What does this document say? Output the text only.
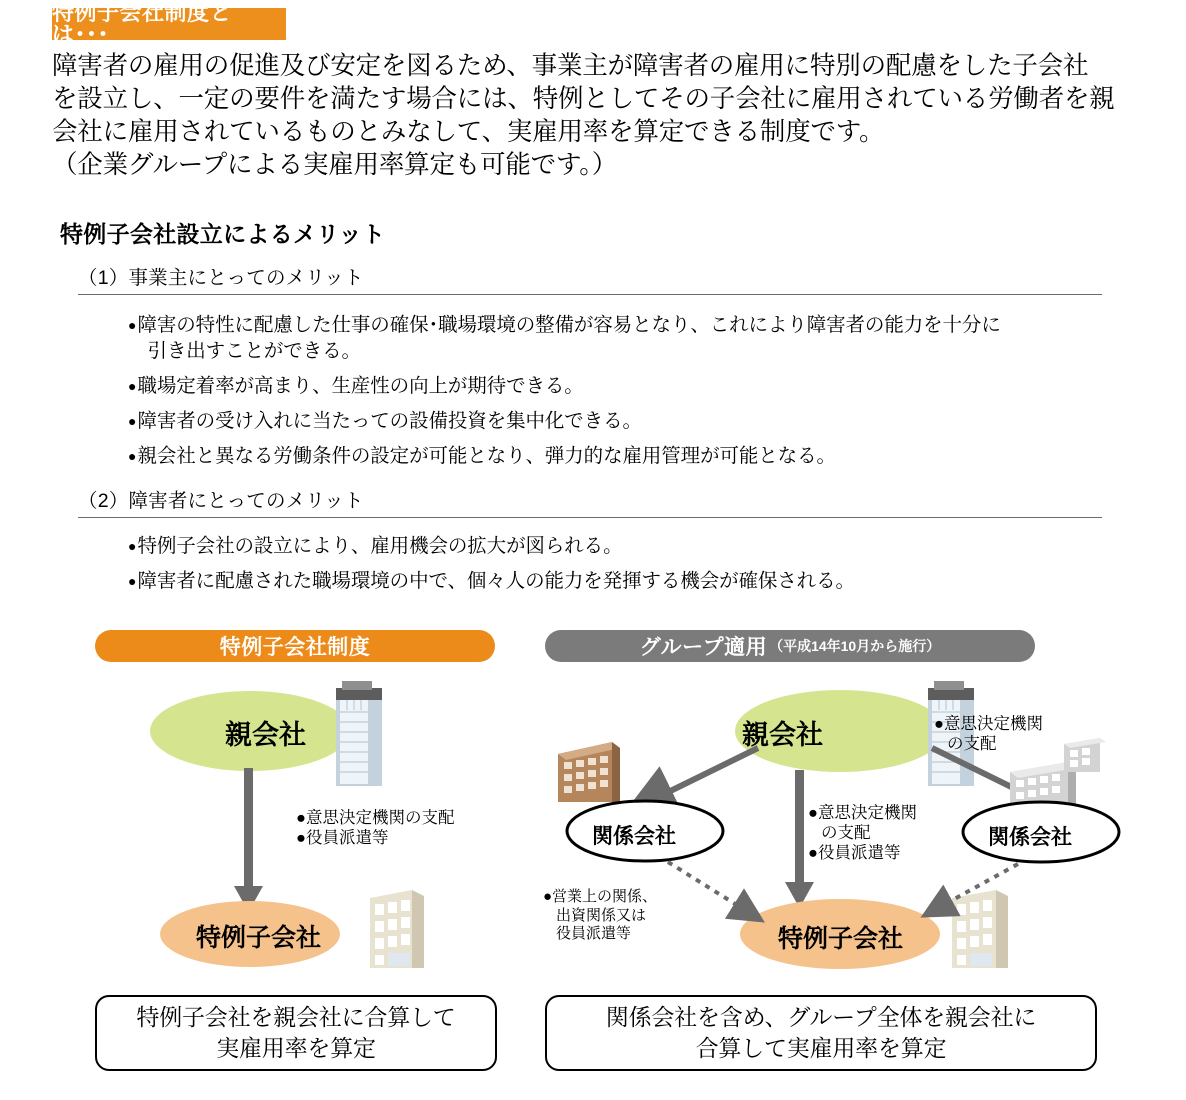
特例子会社制度とは･･･
障害者の雇用の促進及び安定を図るため、事業主が障害者の雇用に特別の配慮をした子会社
を設立し、一定の要件を満たす場合には、特例としてその子会社に雇用されている労働者を親
会社に雇用されているものとみなして、実雇用率を算定できる制度です。
（企業グループによる実雇用率算定も可能です。）
特例子会社設立によるメリット
（1）事業主にとってのメリット
● 障害の特性に配慮した仕事の確保･職場環境の整備が容易となり、これにより障害者の能力を十分に
引き出すことができる。
● 職場定着率が高まり、生産性の向上が期待できる。
● 障害者の受け入れに当たっての設備投資を集中化できる。
● 親会社と異なる労働条件の設定が可能となり、弾力的な雇用管理が可能となる。
（2）障害者にとってのメリット
● 特例子会社の設立により、雇用機会の拡大が図られる。
● 障害者に配慮された職場環境の中で、個々人の能力を発揮する機会が確保される。
特例子会社制度	グループ適用 （平成14年10月から施行）
親会社
特例子会社
●意思決定機関の支配
●役員派遣等
特例子会社を親会社に合算して
実雇用率を算定
親会社
特例子会社
関係会社	関係会社
●意思決定機関
の支配
●役員派遣等
●意思決定機関
の支配
●営業上の関係、
出資関係又は
役員派遣等
関係会社を含め、グループ全体を親会社に
合算して実雇用率を算定
